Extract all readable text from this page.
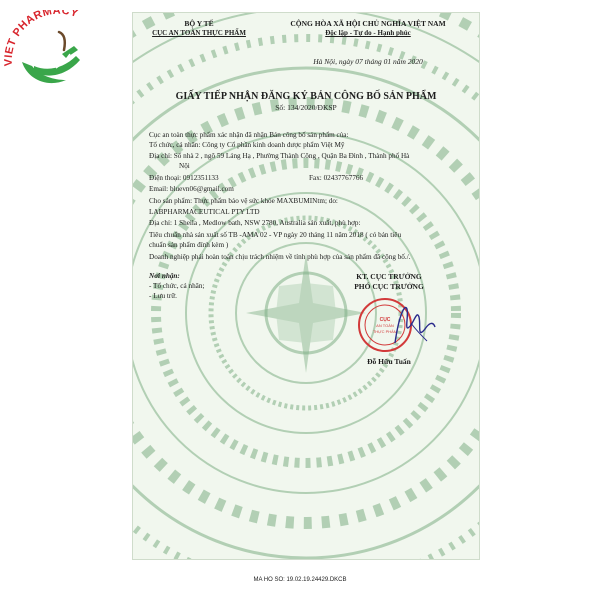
IET PHARMACY
BỘ Y TẾ
CỤC AN TOÀN THỰC PHẨM
CỘNG HÒA XÃ HỘI CHỦ NGHĨA VIỆT NAM
Độc lập - Tự do - Hạnh phúc
Hà Nội, ngày 07 tháng 01 năm 2020
GIẤY TIẾP NHẬN ĐĂNG KÝ BẢN CÔNG BỐ SẢN PHẨM
Số: 134/2020/ĐKSP
Cục an toàn thực phẩm xác nhận đã nhận Bản công bố sản phẩm của:
Tổ chức, cá nhân: Công ty Cổ phần kinh doanh dược phẩm Việt Mỹ
Địa chỉ: Số nhà 2 , ngõ 59 Láng Hạ , Phường Thành Công , Quận Ba Đình , Thành phố Hà
Nội
Điện thoại: 0912351133	Fax: 02437767766
Email: bluevn06@gmail.com
Cho sản phẩm: Thực phẩm bảo vệ sức khỏe MAXBUMINtm; do:
LABPHARMACEUTICAL PTY LTD
Địa chỉ: 1 Sheila , Medlow bath, NSW 2780, Australia sản xuất, phù hợp:
Tiêu chuẩn nhà sản xuất số TB -AMA 02 - VP ngày 20 tháng 11 năm 2018 ( có bản tiêu
chuẩn sản phẩm đính kèm )
Doanh nghiệp phải hoàn toàn chịu trách nhiệm về tính phù hợp của sản phẩm đã công bố./.
Nơi nhận:
- Tổ chức, cá nhân;
- Lưu trữ.
KT. CỤC TRƯỞNG
PHÓ CỤC TRƯỞNG
CỤC
AN TOÀN
THỰC PHẨM
Đỗ Hữu Tuấn
MA HO SO: 19.02.19.24429.DKCB
